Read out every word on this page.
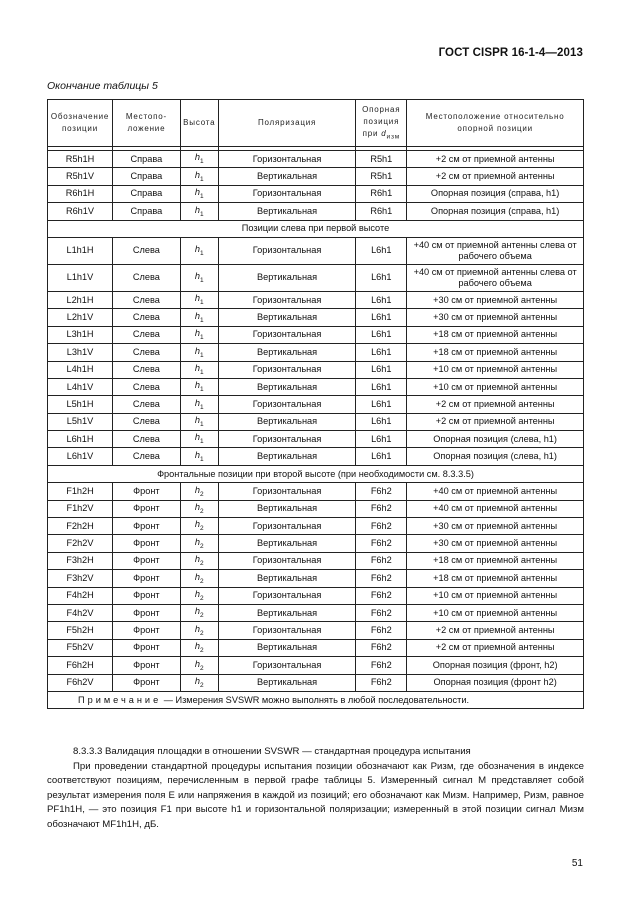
ГОСТ CISPR 16-1-4—2013
Окончание таблицы 5
Обозначение позиции	Местопо-ложение	Высота	Поляризация	Опорная позиция при $d_{изм}$	Местоположение относительно опорной позиции

R5h1H	Справа	$h_1$	Горизонтальная	R5h1	+2 см от приемной антенны
R5h1V	Справа	$h_1$	Вертикальная	R5h1	+2 см от приемной антенны
R6h1H	Справа	$h_1$	Горизонтальная	R6h1	Опорная позиция (справа, h1)
R6h1V	Справа	$h_1$	Вертикальная	R6h1	Опорная позиция (справа, h1)
Позиции слева при первой высоте					
L1h1H	Слева	$h_1$	Горизонтальная	L6h1	+40 см от приемной антенны слева от рабочего объема
L1h1V	Слева	$h_1$	Вертикальная	L6h1	+40 см от приемной антенны слева от рабочего объема
L2h1H	Слева	$h_1$	Горизонтальная	L6h1	+30 см от приемной антенны
L2h1V	Слева	$h_1$	Вертикальная	L6h1	+30 см от приемной антенны
L3h1H	Слева	$h_1$	Горизонтальная	L6h1	+18 см от приемной антенны
L3h1V	Слева	$h_1$	Вертикальная	L6h1	+18 см от приемной антенны
L4h1H	Слева	$h_1$	Горизонтальная	L6h1	+10 см от приемной антенны
L4h1V	Слева	$h_1$	Вертикальная	L6h1	+10 см от приемной антенны
L5h1H	Слева	$h_1$	Горизонтальная	L6h1	+2 см от приемной антенны
L5h1V	Слева	$h_1$	Вертикальная	L6h1	+2 см от приемной антенны
L6h1H	Слева	$h_1$	Горизонтальная	L6h1	Опорная позиция (слева, h1)
L6h1V	Слева	$h_1$	Вертикальная	L6h1	Опорная позиция (слева, h1)
Фронтальные позиции при второй высоте (при необходимости см. 8.3.3.5)					
F1h2H	Фронт	$h_2$	Горизонтальная	F6h2	+40 см от приемной антенны
F1h2V	Фронт	$h_2$	Вертикальная	F6h2	+40 см от приемной антенны
F2h2H	Фронт	$h_2$	Горизонтальная	F6h2	+30 см от приемной антенны
F2h2V	Фронт	$h_2$	Вертикальная	F6h2	+30 см от приемной антенны
F3h2H	Фронт	$h_2$	Горизонтальная	F6h2	+18 см от приемной антенны
F3h2V	Фронт	$h_2$	Вертикальная	F6h2	+18 см от приемной антенны
F4h2H	Фронт	$h_2$	Горизонтальная	F6h2	+10 см от приемной антенны
F4h2V	Фронт	$h_2$	Вертикальная	F6h2	+10 см от приемной антенны
F5h2H	Фронт	$h_2$	Горизонтальная	F6h2	+2 см от приемной антенны
F5h2V	Фронт	$h_2$	Вертикальная	F6h2	+2 см от приемной антенны
F6h2H	Фронт	$h_2$	Горизонтальная	F6h2	Опорная позиция (фронт, h2)
F6h2V	Фронт	$h_2$	Вертикальная	F6h2	Опорная позиция (фронт h2)
Примечание — Измерения SVSWR можно выполнять в любой последовательности.					

8.3.3.3 Валидация площадки в отношении SVSWR — стандартная процедура испытания

При проведении стандартной процедуры испытания позиции обозначают как Pизм, где обозначения в индексе соответствуют позициям, перечисленным в первой графе таблицы 5. Измеренный сигнал M представляет собой результат измерения поля E или напряжения в каждой из позиций; его обозначают как Mизм. Например, Pизм, равное PF1h1H, — это позиция F1 при высоте h1 и горизонтальной поляризации; измеренный в этой позиции сигнал Mизм обозначают MF1h1H, дБ.

51
